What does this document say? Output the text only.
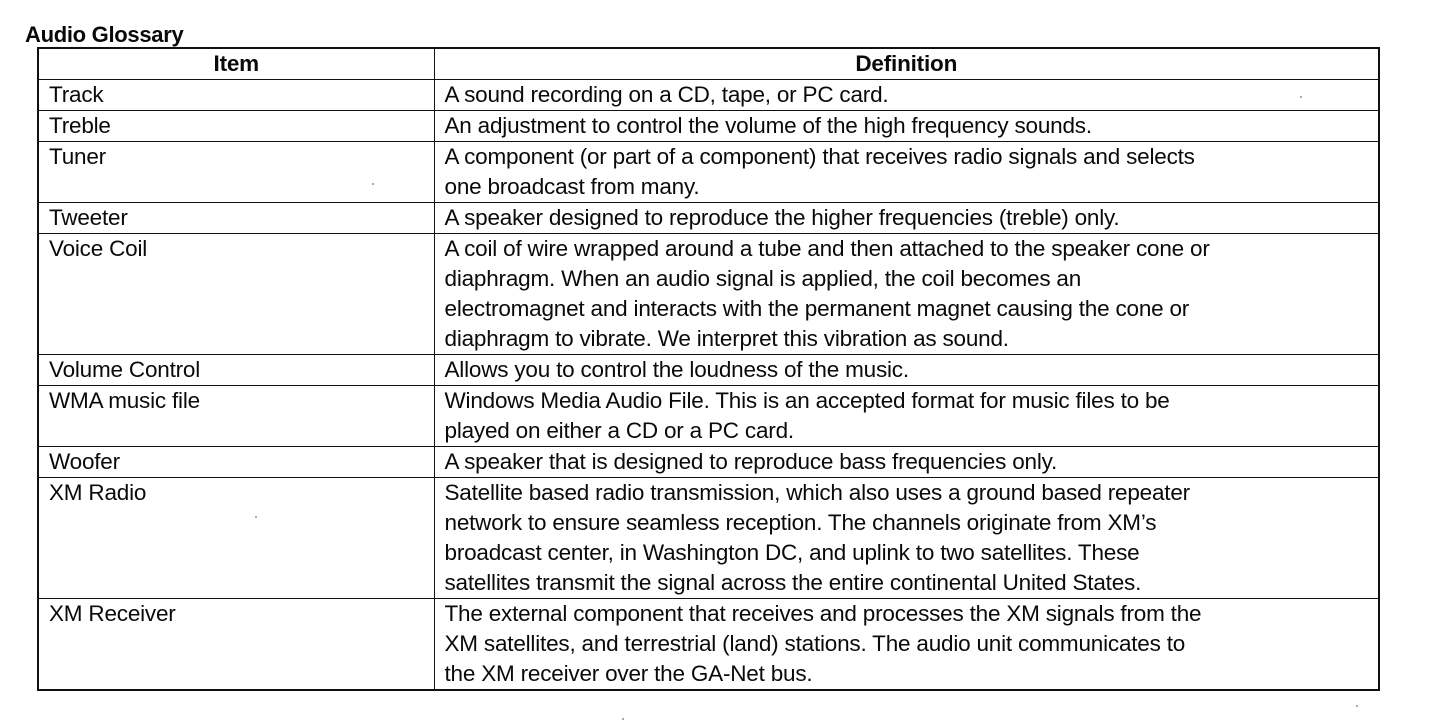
Audio Glossary
Item	Definition
Track	A sound recording on a CD, tape, or PC card.
Treble	An adjustment to control the volume of the high frequency sounds.
Tuner	A component (or part of a component) that receives radio signals and selects
one broadcast from many.
Tweeter	A speaker designed to reproduce the higher frequencies (treble) only.
Voice Coil	A coil of wire wrapped around a tube and then attached to the speaker cone or
diaphragm. When an audio signal is applied, the coil becomes an
electromagnet and interacts with the permanent magnet causing the cone or
diaphragm to vibrate. We interpret this vibration as sound.
Volume Control	Allows you to control the loudness of the music.
WMA music file	Windows Media Audio File. This is an accepted format for music files to be
played on either a CD or a PC card.
Woofer	A speaker that is designed to reproduce bass frequencies only.
XM Radio	Satellite based radio transmission, which also uses a ground based repeater
network to ensure seamless reception. The channels originate from XM’s
broadcast center, in Washington DC, and uplink to two satellites. These
satellites transmit the signal across the entire continental United States.
XM Receiver	The external component that receives and processes the XM signals from the
XM satellites, and terrestrial (land) stations. The audio unit communicates to
the XM receiver over the GA-Net bus.
